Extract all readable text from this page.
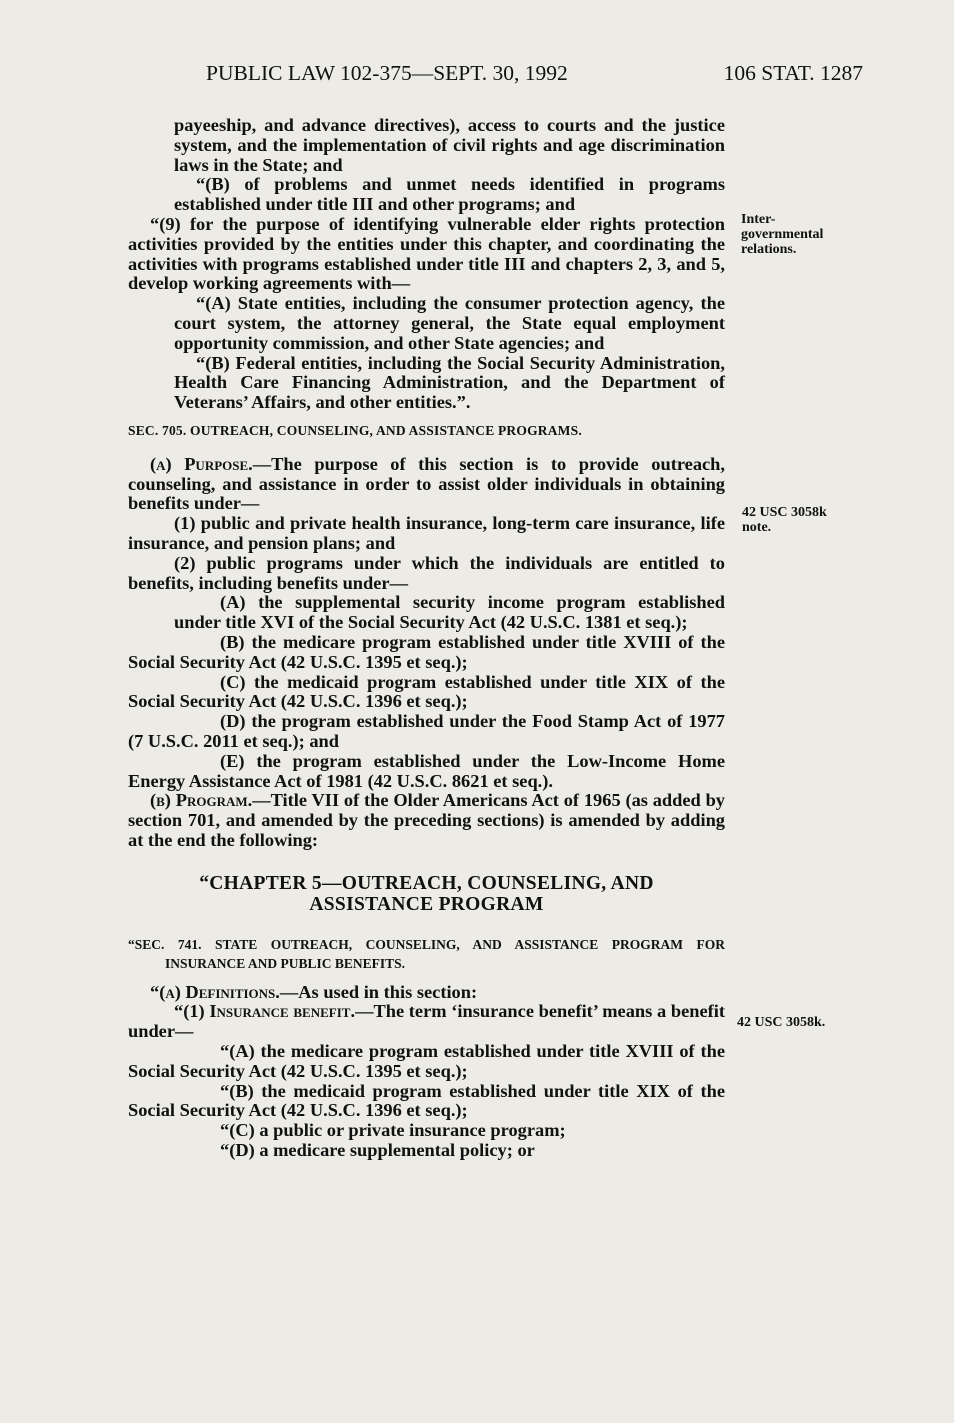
PUBLIC LAW 102-375—SEPT. 30, 1992	106 STAT. 1287
Inter-
governmental
relations.
42 USC 3058k
note.
42 USC 3058k.

payeeship, and advance directives), access to courts and the justice system, and the implementation of civil rights and age discrimination laws in the State; and

“(B) of problems and unmet needs identified in programs established under title III and other programs; and

“(9) for the purpose of identifying vulnerable elder rights protection activities provided by the entities under this chapter, and coordinating the activities with programs established under title III and chapters 2, 3, and 5, develop working agreements with—

“(A) State entities, including the consumer protection agency, the court system, the attorney general, the State equal employment opportunity commission, and other State agencies; and

“(B) Federal entities, including the Social Security Administration, Health Care Financing Administration, and the Department of Veterans’ Affairs, and other entities.”.

SEC. 705. OUTREACH, COUNSELING, AND ASSISTANCE PROGRAMS.

(a) Purpose.—The purpose of this section is to provide outreach, counseling, and assistance in order to assist older individuals in obtaining benefits under—

(1) public and private health insurance, long-term care insurance, life insurance, and pension plans; and

(2) public programs under which the individuals are entitled to benefits, including benefits under—

(A) the supplemental security income program established under title XVI of the Social Security Act (42 U.S.C. 1381 et seq.);

(B) the medicare program established under title XVIII of the Social Security Act (42 U.S.C. 1395 et seq.);

(C) the medicaid program established under title XIX of the Social Security Act (42 U.S.C. 1396 et seq.);

(D) the program established under the Food Stamp Act of 1977 (7 U.S.C. 2011 et seq.); and

(E) the program established under the Low-Income Home Energy Assistance Act of 1981 (42 U.S.C. 8621 et seq.).

(b) Program.—Title VII of the Older Americans Act of 1965 (as added by section 701, and amended by the preceding sections) is amended by adding at the end the following:

“CHAPTER 5—OUTREACH, COUNSELING, AND
ASSISTANCE PROGRAM

“SEC. 741. STATE OUTREACH, COUNSELING, AND ASSISTANCE PROGRAM FOR INSURANCE AND PUBLIC BENEFITS.

“(a) Definitions.—As used in this section:

“(1) Insurance benefit.—The term ‘insurance benefit’ means a benefit under—

“(A) the medicare program established under title XVIII of the Social Security Act (42 U.S.C. 1395 et seq.);

“(B) the medicaid program established under title XIX of the Social Security Act (42 U.S.C. 1396 et seq.);

“(C) a public or private insurance program;

“(D) a medicare supplemental policy; or
